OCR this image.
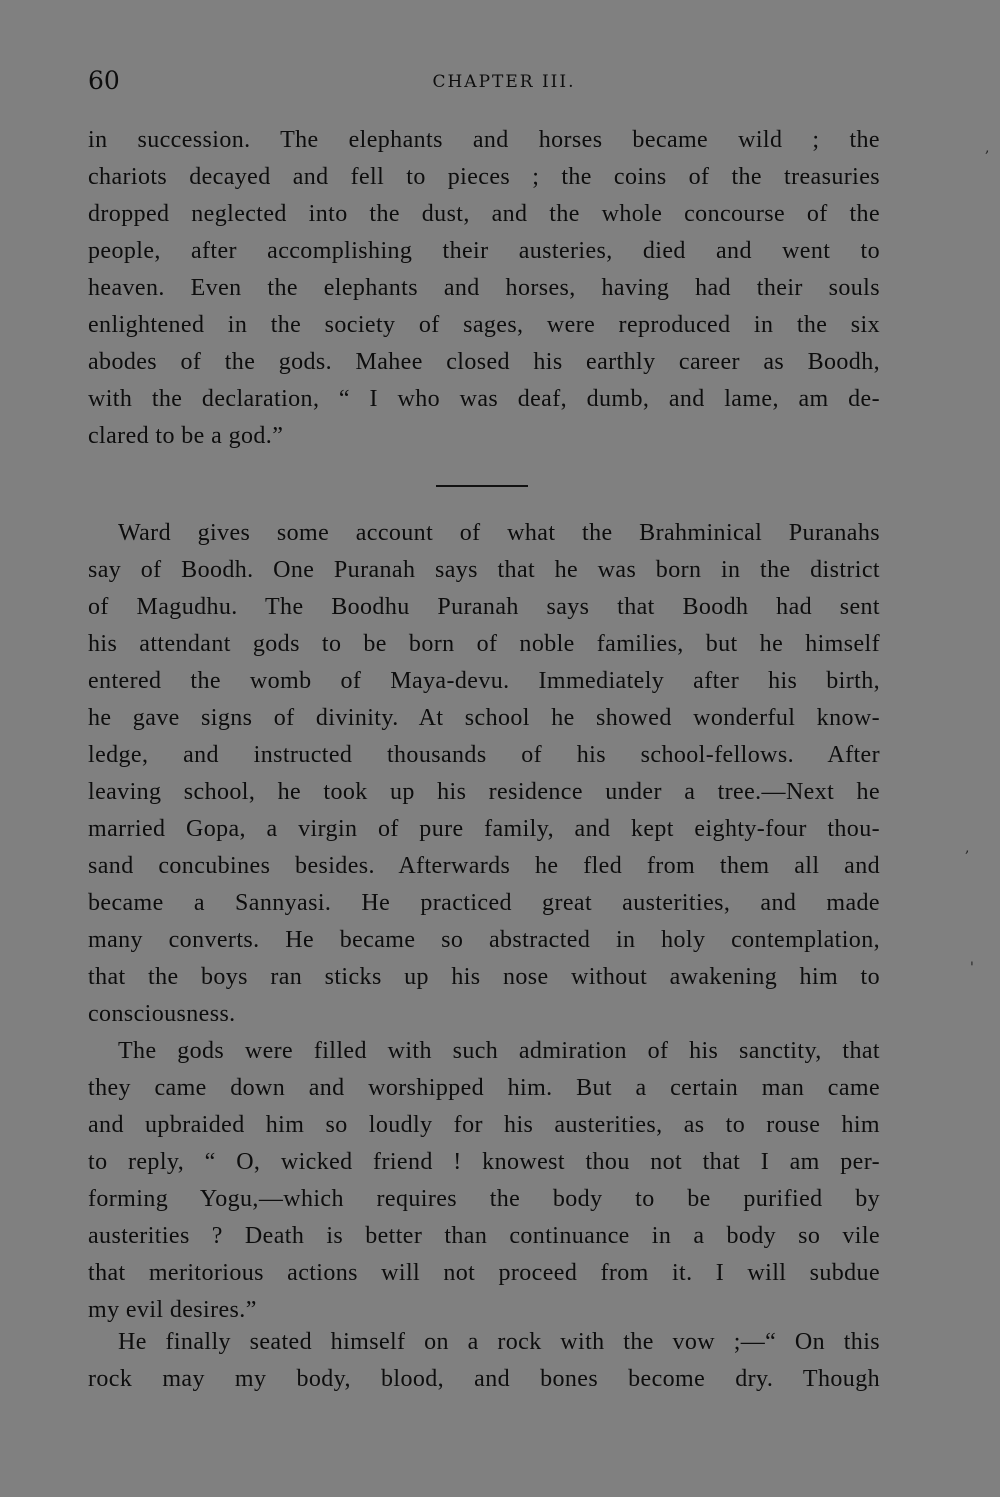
60	CHAPTER III.
in succession. The elephants and horses became wild ; the
chariots decayed and fell to pieces ; the coins of the treasuries
dropped neglected into the dust, and the whole concourse of the
people, after accomplishing their austeries, died and went to
heaven. Even the elephants and horses, having had their souls
enlightened in the society of sages, were reproduced in the six
abodes of the gods. Mahee closed his earthly career as Boodh,
with the declaration, “ I who was deaf, dumb, and lame, am de-
clared to be a god.”
Ward gives some account of what the Brahminical Puranahs
say of Boodh. One Puranah says that he was born in the district
of Magudhu. The Boodhu Puranah says that Boodh had sent
his attendant gods to be born of noble families, but he himself
entered the womb of Maya-devu. Immediately after his birth,
he gave signs of divinity. At school he showed wonderful know-
ledge, and instructed thousands of his school-fellows. After
leaving school, he took up his residence under a tree.—Next he
married Gopa, a virgin of pure family, and kept eighty-four thou-
sand concubines besides. Afterwards he fled from them all and
became a Sannyasi. He practiced great austerities, and made
many converts. He became so abstracted in holy contemplation,
that the boys ran sticks up his nose without awakening him to
consciousness.
The gods were filled with such admiration of his sanctity, that
they came down and worshipped him. But a certain man came
and upbraided him so loudly for his austerities, as to rouse him
to reply, “ O, wicked friend ! knowest thou not that I am per-
forming Yogu,—which requires the body to be purified by
austerities ? Death is better than continuance in a body so vile
that meritorious actions will not proceed from it. I will subdue
my evil desires.”
He finally seated himself on a rock with the vow ;—“ On this
rock may my body, blood, and bones become dry. Though
,
,
'
